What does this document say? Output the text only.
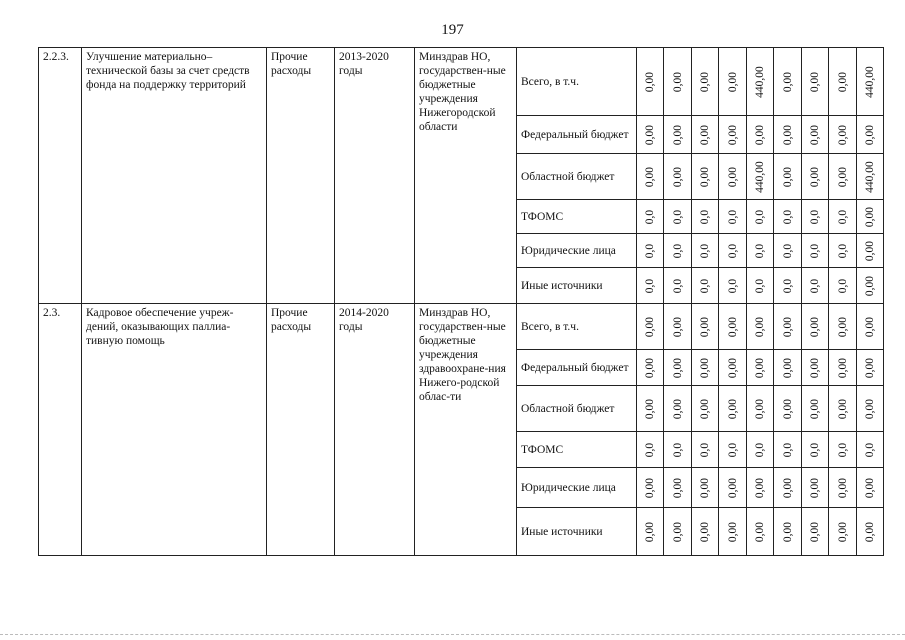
197
2.2.3.	Улучшение материально–технической базы за счет средств фонда на поддержку территорий	Прочие расходы	2013-2020 годы	Минздрав НО, государствен-ные бюджетные учреждения Нижегородской области	Всего, в т.ч.	0,00	0,00	0,00	0,00	440,00	0,00	0,00	0,00	440,00

					Федеральный бюджет	0,00	0,00	0,00	0,00	0,00	0,00	0,00	0,00	0,00

					Областной бюджет	0,00	0,00	0,00	0,00	440,00	0,00	0,00	0,00	440,00

					ТФОМС	0,0	0,0	0,0	0,0	0,0	0,0	0,0	0,0	0,00

					Юридические лица	0,0	0,0	0,0	0,0	0,0	0,0	0,0	0,0	0,00

					Иные источники	0,0	0,0	0,0	0,0	0,0	0,0	0,0	0,0	0,00

2.3.	Кадровое обеспечение учреж-дений, оказывающих паллиа-тивную помощь	Прочие расходы	2014-2020 годы	Минздрав НО, государствен-ные бюджетные учреждения здравоохране-ния Нижего-родской облас-ти	Всего, в т.ч.	0,00	0,00	0,00	0,00	0,00	0,00	0,00	0,00	0,00

					Федеральный бюджет	0,00	0,00	0,00	0,00	0,00	0,00	0,00	0,00	0,00

					Областной бюджет	0,00	0,00	0,00	0,00	0,00	0,00	0,00	0,00	0,00

					ТФОМС	0,0	0,0	0,0	0,0	0,0	0,0	0,0	0,0	0,0

					Юридические лица	0,00	0,00	0,00	0,00	0,00	0,00	0,00	0,00	0,00

					Иные источники	0,00	0,00	0,00	0,00	0,00	0,00	0,00	0,00	0,00
